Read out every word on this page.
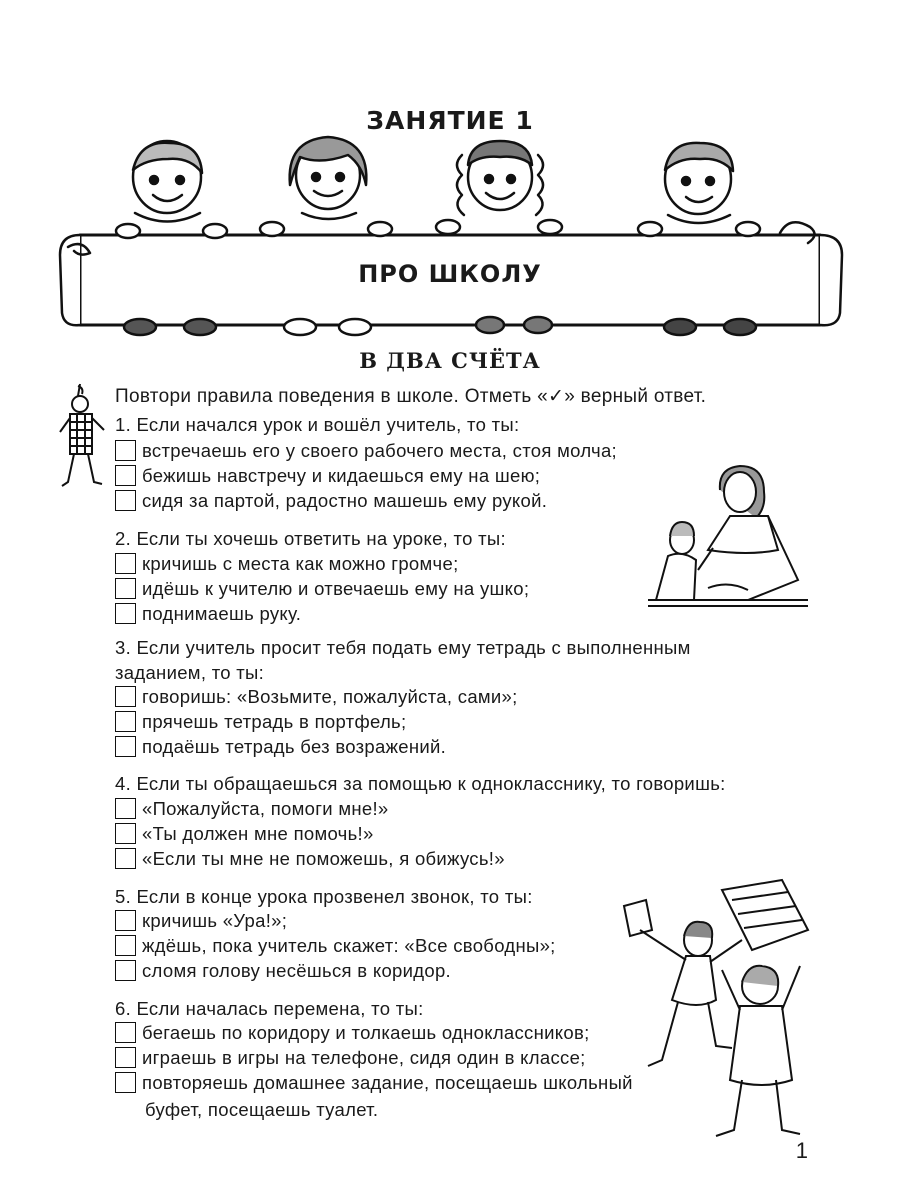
ЗАНЯТИЕ 1
ПРО ШКОЛУ
В ДВА СЧЁТА
Повтори правила поведения в школе. Отметь «✓» верный ответ.
1. Если начался урок и вошёл учитель, то ты:
встречаешь его у своего рабочего места, стоя молча;
бежишь навстречу и кидаешься ему на шею;
сидя за партой, радостно машешь ему рукой.
2. Если ты хочешь ответить на уроке, то ты:
кричишь с места как можно громче;
идёшь к учителю и отвечаешь ему на ушко;
поднимаешь руку.
3. Если учитель просит тебя подать ему тетрадь с выполненным
заданием, то ты:
говоришь: «Возьмите, пожалуйста, сами»;
прячешь тетрадь в портфель;
подаёшь тетрадь без возражений.
4. Если ты обращаешься за помощью к однокласснику, то говоришь:
«Пожалуйста, помоги мне!»
«Ты должен мне помочь!»
«Если ты мне не поможешь, я обижусь!»
5. Если в конце урока прозвенел звонок, то ты:
кричишь «Ура!»;
ждёшь, пока учитель скажет: «Все свободны»;
сломя голову несёшься в коридор.
6. Если началась перемена, то ты:
бегаешь по коридору и толкаешь одноклассников;
играешь в игры на телефоне, сидя один в классе;
повторяешь домашнее задание, посещаешь школьный
буфет, посещаешь туалет.
1
